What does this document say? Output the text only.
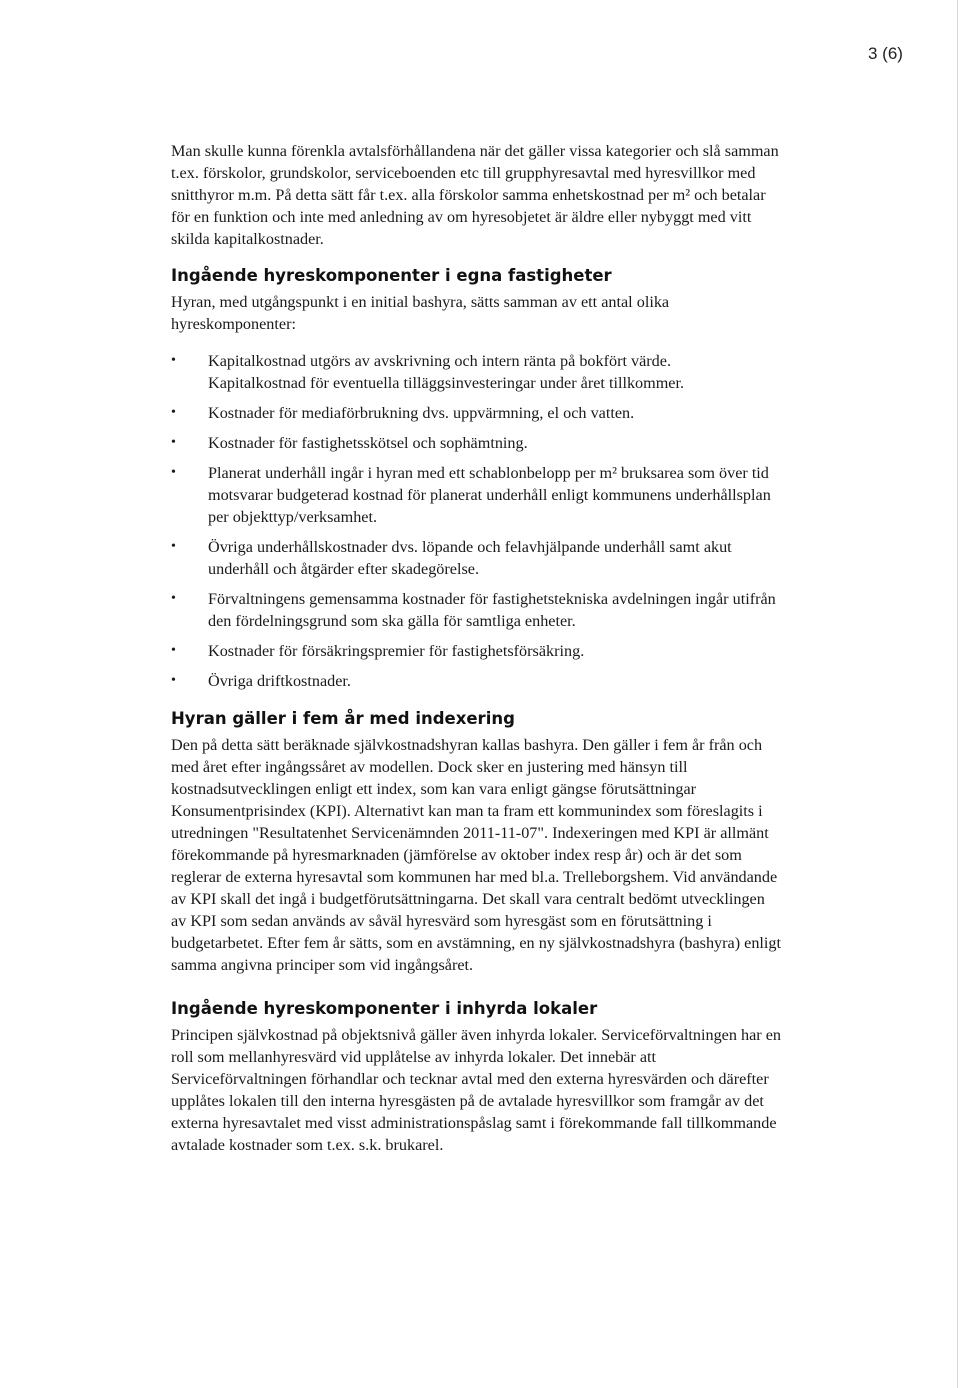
3 (6)

Man skulle kunna förenkla avtalsförhållandena när det gäller vissa kategorier och slå samman t.ex. förskolor, grundskolor, serviceboenden etc till grupphyresavtal med hyresvillkor med snitthyror m.m. På detta sätt får t.ex. alla förskolor samma enhetskostnad per m² och betalar för en funktion och inte med anledning av om hyresobjetet är äldre eller nybyggt med vitt skilda kapitalkostnader.

Ingående hyreskomponenter i egna fastigheter

Hyran, med utgångspunkt i en initial bashyra, sätts samman av ett antal olika hyreskomponenter:

• Kapitalkostnad utgörs av avskrivning och intern ränta på bokfört värde.
Kapitalkostnad för eventuella tilläggsinvesteringar under året tillkommer.
• Kostnader för mediaförbrukning dvs. uppvärmning, el och vatten.
• Kostnader för fastighetsskötsel och sophämtning.
• Planerat underhåll ingår i hyran med ett schablonbelopp per m² bruksarea som över tid motsvarar budgeterad kostnad för planerat underhåll enligt kommunens underhållsplan per objekttyp/verksamhet.
• Övriga underhållskostnader dvs. löpande och felavhjälpande underhåll samt akut underhåll och åtgärder efter skadegörelse.
• Förvaltningens gemensamma kostnader för fastighetstekniska avdelningen ingår utifrån den fördelningsgrund som ska gälla för samtliga enheter.
• Kostnader för försäkringspremier för fastighetsförsäkring.
• Övriga driftkostnader.
Hyran gäller i fem år med indexering

Den på detta sätt beräknade självkostnadshyran kallas bashyra. Den gäller i fem år från och med året efter ingångssåret av modellen. Dock sker en justering med hänsyn till kostnadsutvecklingen enligt ett index, som kan vara enligt gängse förutsättningar Konsumentprisindex (KPI). Alternativt kan man ta fram ett kommunindex som föreslagits i utredningen "Resultatenhet Servicenämnden 2011-11-07". Indexeringen med KPI är allmänt förekommande på hyresmarknaden (jämförelse av oktober index resp år) och är det som reglerar de externa hyresavtal som kommunen har med bl.a. Trelleborgshem. Vid användande av KPI skall det ingå i budgetförutsättningarna. Det skall vara centralt bedömt utvecklingen av KPI som sedan används av såväl hyresvärd som hyresgäst som en förutsättning i budgetarbetet. Efter fem år sätts, som en avstämning, en ny självkostnadshyra (bashyra) enligt samma angivna principer som vid ingångsåret.

Ingående hyreskomponenter i inhyrda lokaler

Principen självkostnad på objektsnivå gäller även inhyrda lokaler. Serviceförvaltningen har en roll som mellanhyresvärd vid upplåtelse av inhyrda lokaler. Det innebär att Serviceförvaltningen förhandlar och tecknar avtal med den externa hyresvärden och därefter upplåtes lokalen till den interna hyresgästen på de avtalade hyresvillkor som framgår av det externa hyresavtalet med visst administrationspåslag samt i förekommande fall tillkommande avtalade kostnader som t.ex. s.k. brukarel.
